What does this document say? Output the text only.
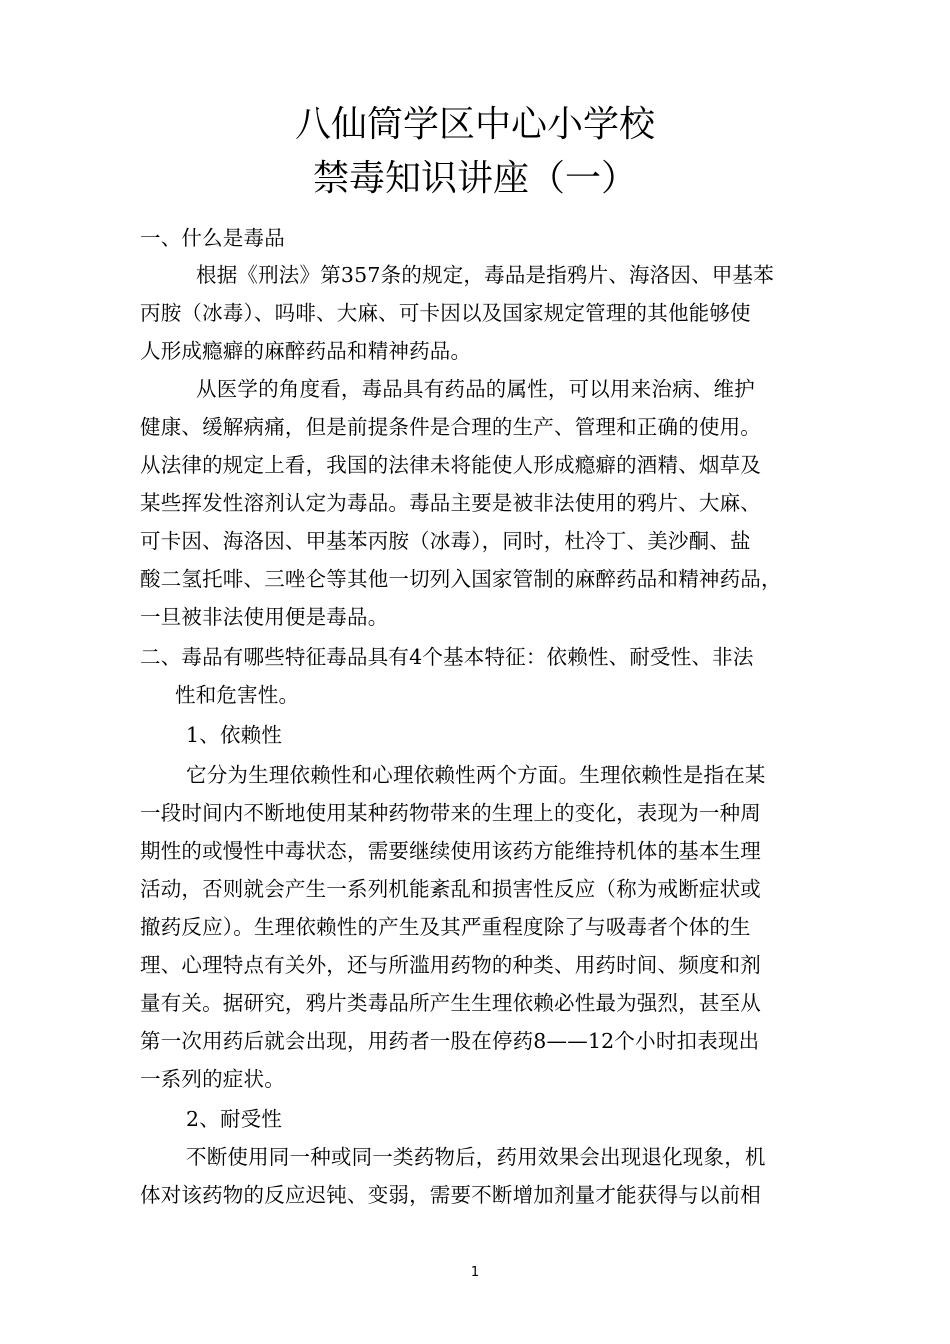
八仙筒学区中心小学校
禁毒知识讲座（一）
一、什么是毒品
根据《刑法》第357条的规定，毒品是指鸦片、海洛因、甲基苯
丙胺（冰毒）、吗啡、大麻、可卡因以及国家规定管理的其他能够使
人形成瘾癖的麻醉药品和精神药品。
从医学的角度看，毒品具有药品的属性，可以用来治病、维护
健康、缓解病痛，但是前提条件是合理的生产、管理和正确的使用。
从法律的规定上看，我国的法律未将能使人形成瘾癖的酒精、烟草及
某些挥发性溶剂认定为毒品。毒品主要是被非法使用的鸦片、大麻、
可卡因、海洛因、甲基苯丙胺（冰毒），同时，杜冷丁、美沙酮、盐
酸二氢托啡、三唑仑等其他一切列入国家管制的麻醉药品和精神药品，
一旦被非法使用便是毒品。
二、毒品有哪些特征毒品具有4个基本特征：依赖性、耐受性、非法
性和危害性。
1、依赖性
它分为生理依赖性和心理依赖性两个方面。生理依赖性是指在某
一段时间内不断地使用某种药物带来的生理上的变化，表现为一种周
期性的或慢性中毒状态，需要继续使用该药方能维持机体的基本生理
活动，否则就会产生一系列机能紊乱和损害性反应（称为戒断症状或
撤药反应）。生理依赖性的产生及其严重程度除了与吸毒者个体的生
理、心理特点有关外，还与所滥用药物的种类、用药时间、频度和剂
量有关。据研究，鸦片类毒品所产生生理依赖必性最为强烈，甚至从
第一次用药后就会出现，用药者一股在停药8——12个小时扣表现出
一系列的症状。
2、耐受性
不断使用同一种或同一类药物后，药用效果会出现退化现象，机
体对该药物的反应迟钝、变弱，需要不断增加剂量才能获得与以前相
1
